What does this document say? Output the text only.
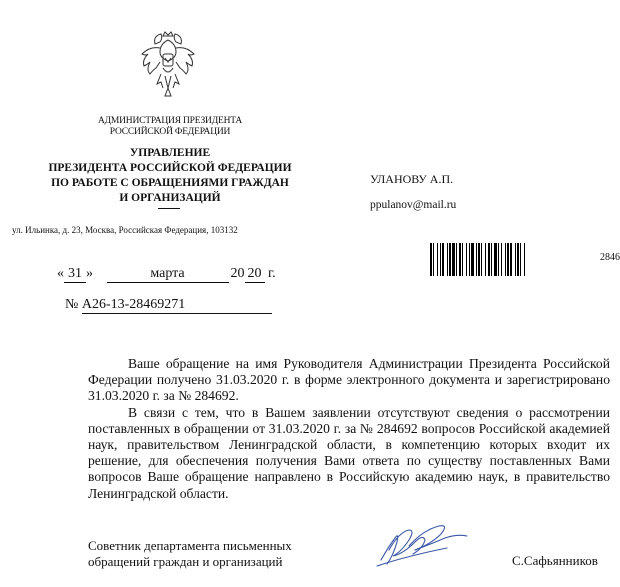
АДМИНИСТРАЦИЯ ПРЕЗИДЕНТА
РОССИЙСКОЙ ФЕДЕРАЦИИ
УПРАВЛЕНИЕ
ПРЕЗИДЕНТА РОССИЙСКОЙ ФЕДЕРАЦИИ
ПО РАБОТЕ С ОБРАЩЕНИЯМИ ГРАЖДАН
И ОРГАНИЗАЦИЙ
ул. Ильинка, д. 23, Москва, Российская Федерация, 103132
УЛАНОВУ А.П.
ppulanov@mail.ru
2846
« 31 »	марта	20 20 г.
№ А26-13-28469271

Ваше обращение на имя Руководителя Администрации Президента Российской Федерации получено 31.03.2020 г. в форме электронного документа и зарегистрировано 31.03.2020 г. за № 284692.

В связи с тем, что в Вашем заявлении отсутствуют сведения о рассмотрении поставленных в обращении от 31.03.2020 г. за № 284692 вопросов Российской академией наук, правительством Ленинградской области, в компетенцию которых входит их решение, для обеспечения получения Вами ответа по существу поставленных Вами вопросов Ваше обращение направлено в Российскую академию наук, в правительство Ленинградской области.

Советник департамента письменных
обращений граждан и организаций	С.Сафьянников
